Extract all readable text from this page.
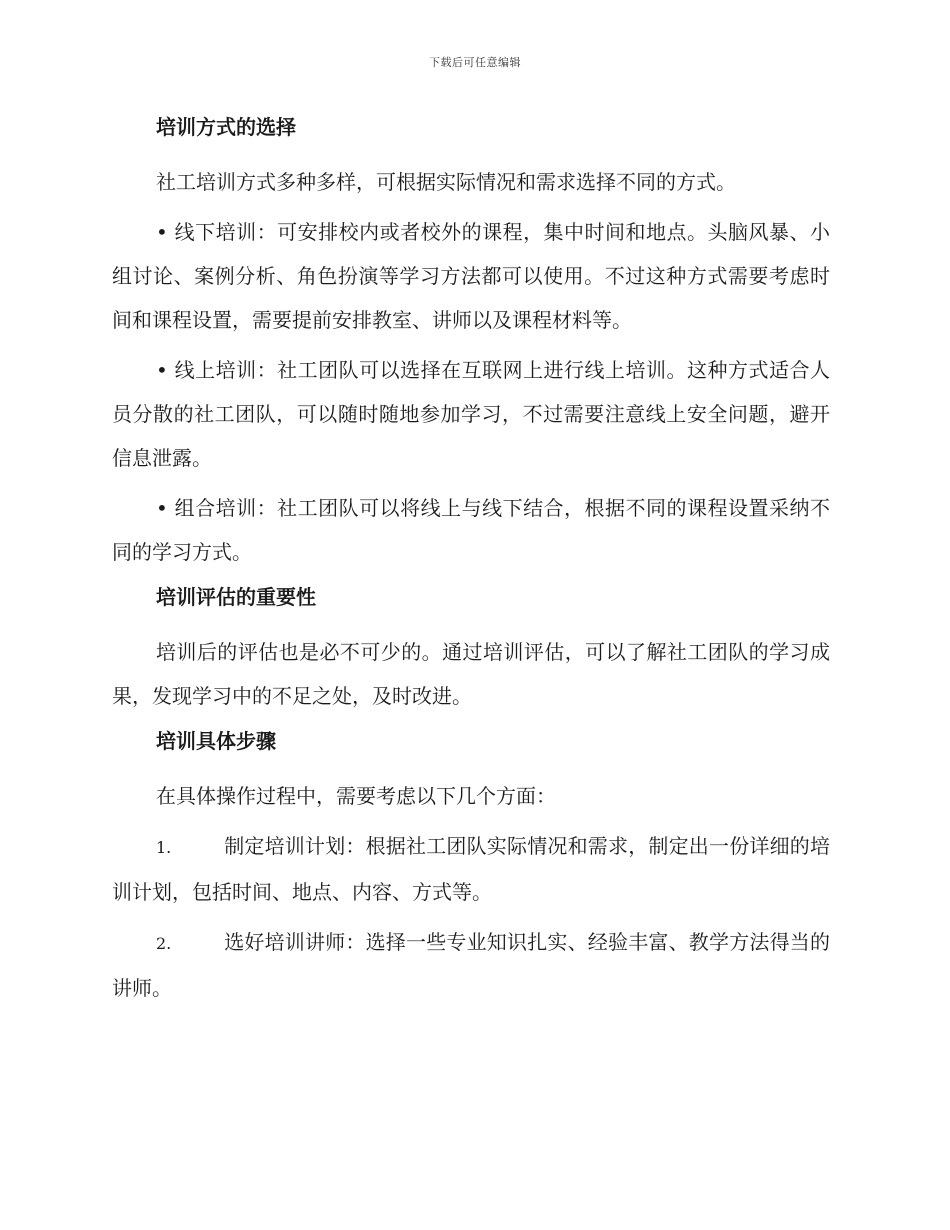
下载后可任意编辑
培训方式的选择

社工培训方式多种多样，可根据实际情况和需求选择不同的方式。

• 线下培训：可安排校内或者校外的课程，集中时间和地点。头脑风暴、小组讨论、案例分析、角色扮演等学习方法都可以使用。不过这种方式需要考虑时间和课程设置，需要提前安排教室、讲师以及课程材料等。

• 线上培训：社工团队可以选择在互联网上进行线上培训。这种方式适合人员分散的社工团队，可以随时随地参加学习，不过需要注意线上安全问题，避开信息泄露。

• 组合培训：社工团队可以将线上与线下结合，根据不同的课程设置采纳不同的学习方式。

培训评估的重要性

培训后的评估也是必不可少的。通过培训评估，可以了解社工团队的学习成果，发现学习中的不足之处，及时改进。

培训具体步骤

在具体操作过程中，需要考虑以下几个方面：

1.	制定培训计划：根据社工团队实际情况和需求，制定出一份详细的培训计划，包括时间、地点、内容、方式等。

2.	选好培训讲师：选择一些专业知识扎实、经验丰富、教学方法得当的讲师。
